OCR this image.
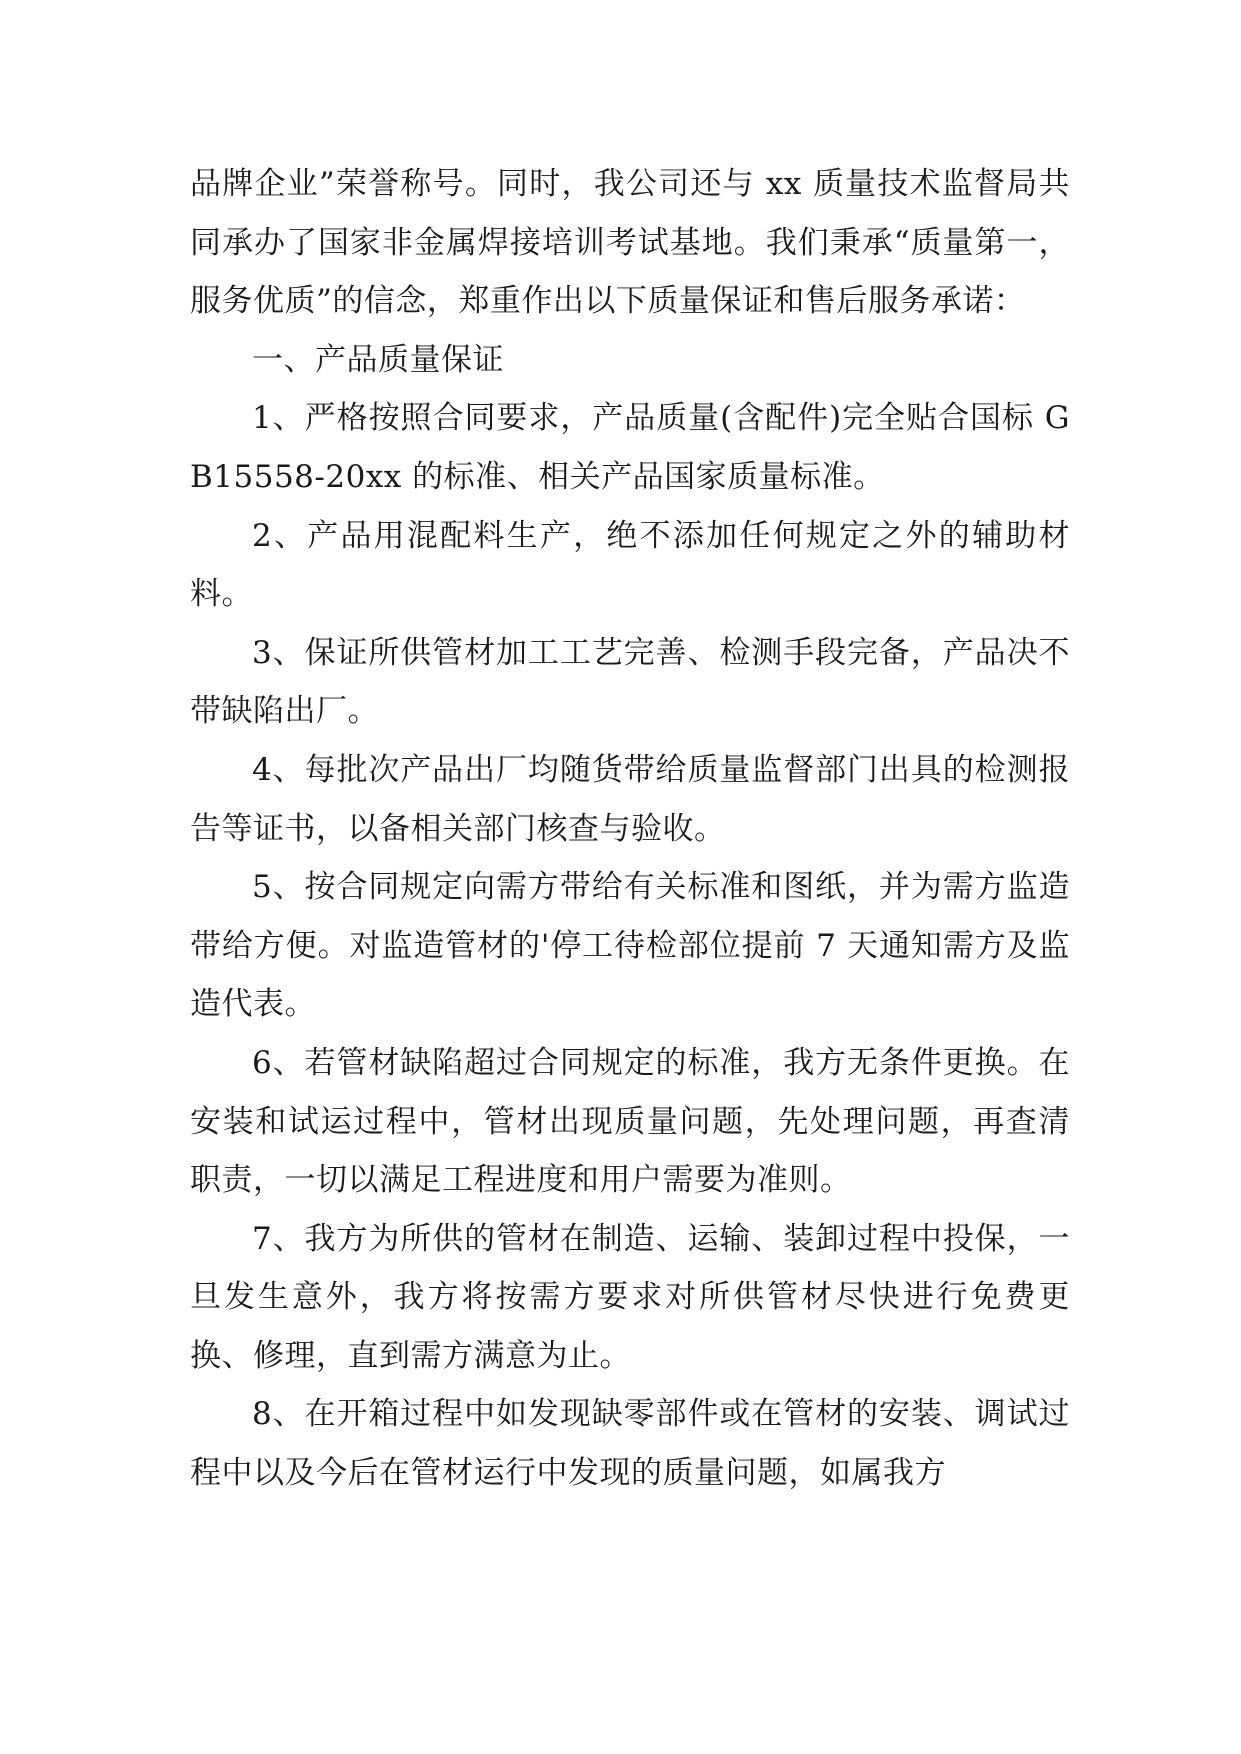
品牌企业”荣誉称号。同时，我公司还与 xx 质量技术监督局共同承办了国家非金属焊接培训考试基地。我们秉承“质量第一，服务优质”的信念，郑重作出以下质量保证和售后服务承诺：

一、产品质量保证

1、严格按照合同要求，产品质量(含配件)完全贴合国标 GB15558-20xx 的标准、相关产品国家质量标准。

2、产品用混配料生产，绝不添加任何规定之外的辅助材料。

3、保证所供管材加工工艺完善、检测手段完备，产品决不带缺陷出厂。

4、每批次产品出厂均随货带给质量监督部门出具的检测报告等证书，以备相关部门核查与验收。

5、按合同规定向需方带给有关标准和图纸，并为需方监造带给方便。对监造管材的'停工待检部位提前 7 天通知需方及监造代表。

6、若管材缺陷超过合同规定的标准，我方无条件更换。在安装和试运过程中，管材出现质量问题，先处理问题，再查清职责，一切以满足工程进度和用户需要为准则。

7、我方为所供的管材在制造、运输、装卸过程中投保，一旦发生意外，我方将按需方要求对所供管材尽快进行免费更换、修理，直到需方满意为止。

8、在开箱过程中如发现缺零部件或在管材的安装、调试过程中以及今后在管材运行中发现的质量问题，如属我方
